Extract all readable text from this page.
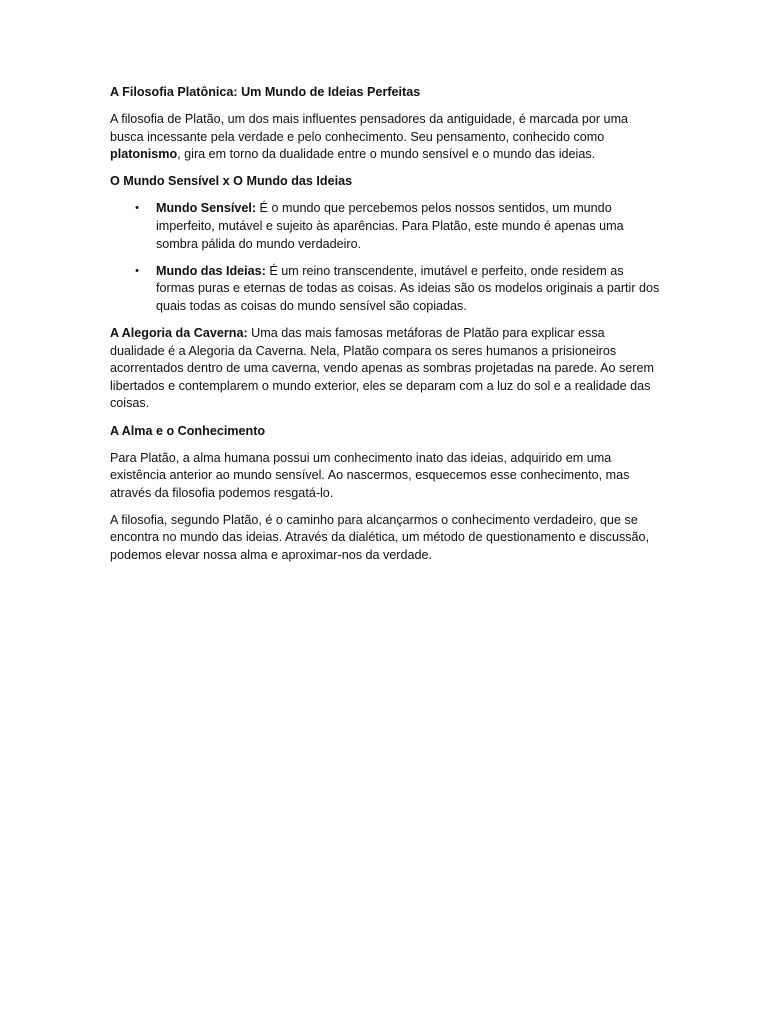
A Filosofia Platônica: Um Mundo de Ideias Perfeitas

A filosofia de Platão, um dos mais influentes pensadores da antiguidade, é marcada por uma busca incessante pela verdade e pelo conhecimento. Seu pensamento, conhecido como platonismo, gira em torno da dualidade entre o mundo sensível e o mundo das ideias.

O Mundo Sensível x O Mundo das Ideias

• Mundo Sensível: É o mundo que percebemos pelos nossos sentidos, um mundo imperfeito, mutável e sujeito às aparências. Para Platão, este mundo é apenas uma sombra pálida do mundo verdadeiro.
• Mundo das Ideias: É um reino transcendente, imutável e perfeito, onde residem as formas puras e eternas de todas as coisas. As ideias são os modelos originais a partir dos quais todas as coisas do mundo sensível são copiadas.

A Alegoria da Caverna: Uma das mais famosas metáforas de Platão para explicar essa dualidade é a Alegoria da Caverna. Nela, Platão compara os seres humanos a prisioneiros acorrentados dentro de uma caverna, vendo apenas as sombras projetadas na parede. Ao serem libertados e contemplarem o mundo exterior, eles se deparam com a luz do sol e a realidade das coisas.

A Alma e o Conhecimento

Para Platão, a alma humana possui um conhecimento inato das ideias, adquirido em uma existência anterior ao mundo sensível. Ao nascermos, esquecemos esse conhecimento, mas através da filosofia podemos resgatá-lo.

A filosofia, segundo Platão, é o caminho para alcançarmos o conhecimento verdadeiro, que se encontra no mundo das ideias. Através da dialética, um método de questionamento e discussão, podemos elevar nossa alma e aproximar-nos da verdade.
